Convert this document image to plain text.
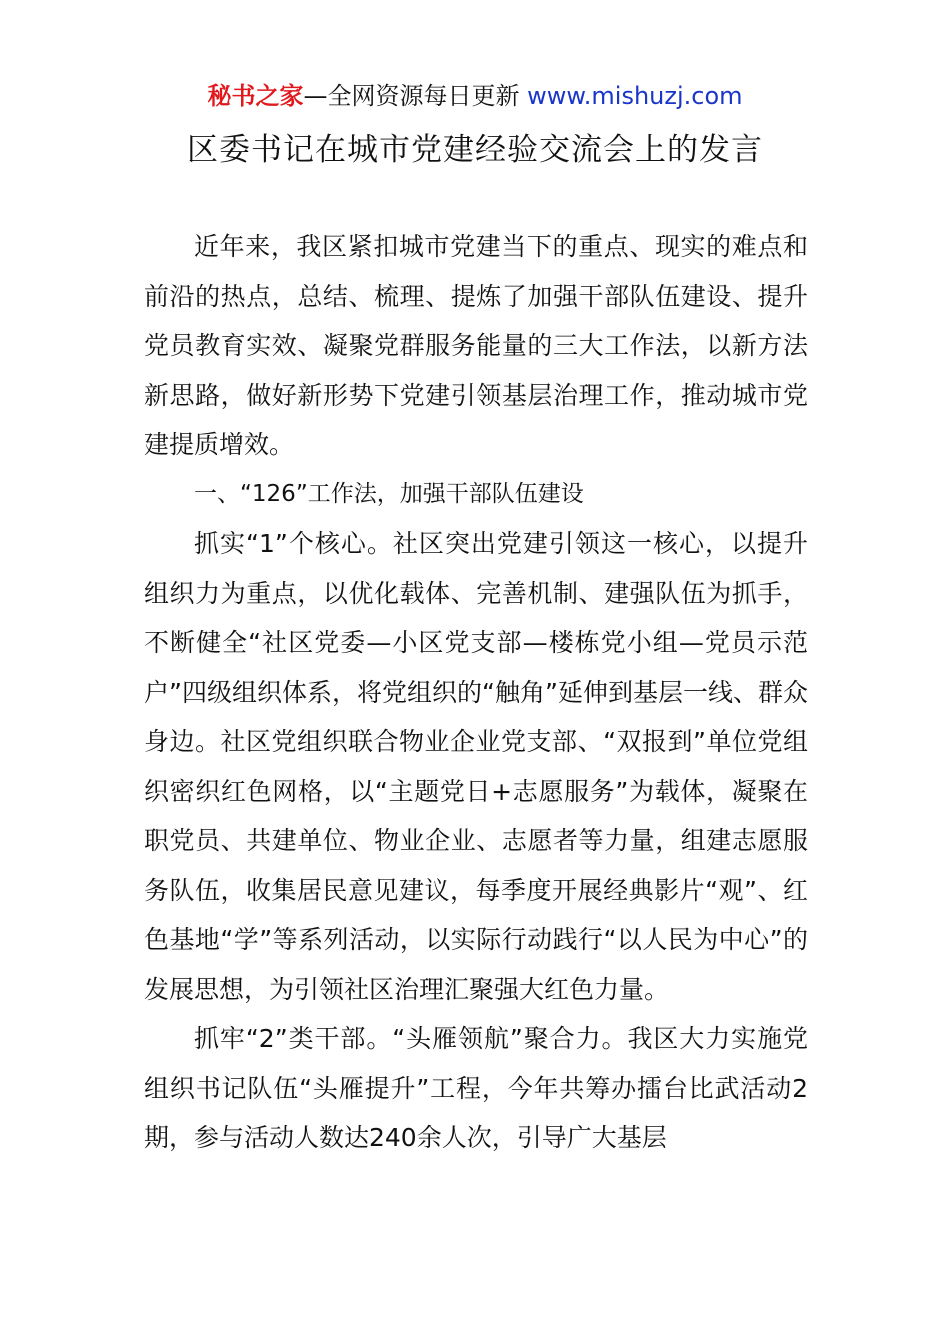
秘书之家—全网资源每日更新 www.mishuzj.com
区委书记在城市党建经验交流会上的发言

近年来，我区紧扣城市党建当下的重点、现实的难点和前沿的热点，总结、梳理、提炼了加强干部队伍建设、提升党员教育实效、凝聚党群服务能量的三大工作法，以新方法新思路，做好新形势下党建引领基层治理工作，推动城市党建提质增效。

一、“126”工作法，加强干部队伍建设

抓实“1”个核心。社区突出党建引领这一核心，以提升组织力为重点，以优化载体、完善机制、建强队伍为抓手，不断健全“社区党委—小区党支部—楼栋党小组—党员示范户”四级组织体系，将党组织的“触角”延伸到基层一线、群众身边。社区党组织联合物业企业党支部、“双报到”单位党组织密织红色网格，以“主题党日+志愿服务”为载体，凝聚在职党员、共建单位、物业企业、志愿者等力量，组建志愿服务队伍，收集居民意见建议，每季度开展经典影片“观”、红色基地“学”等系列活动，以实际行动践行“以人民为中心”的发展思想，为引领社区治理汇聚强大红色力量。

抓牢“2”类干部。“头雁领航”聚合力。我区大力实施党组织书记队伍“头雁提升”工程，今年共筹办擂台比武活动2期，参与活动人数达240余人次，引导广大基层
